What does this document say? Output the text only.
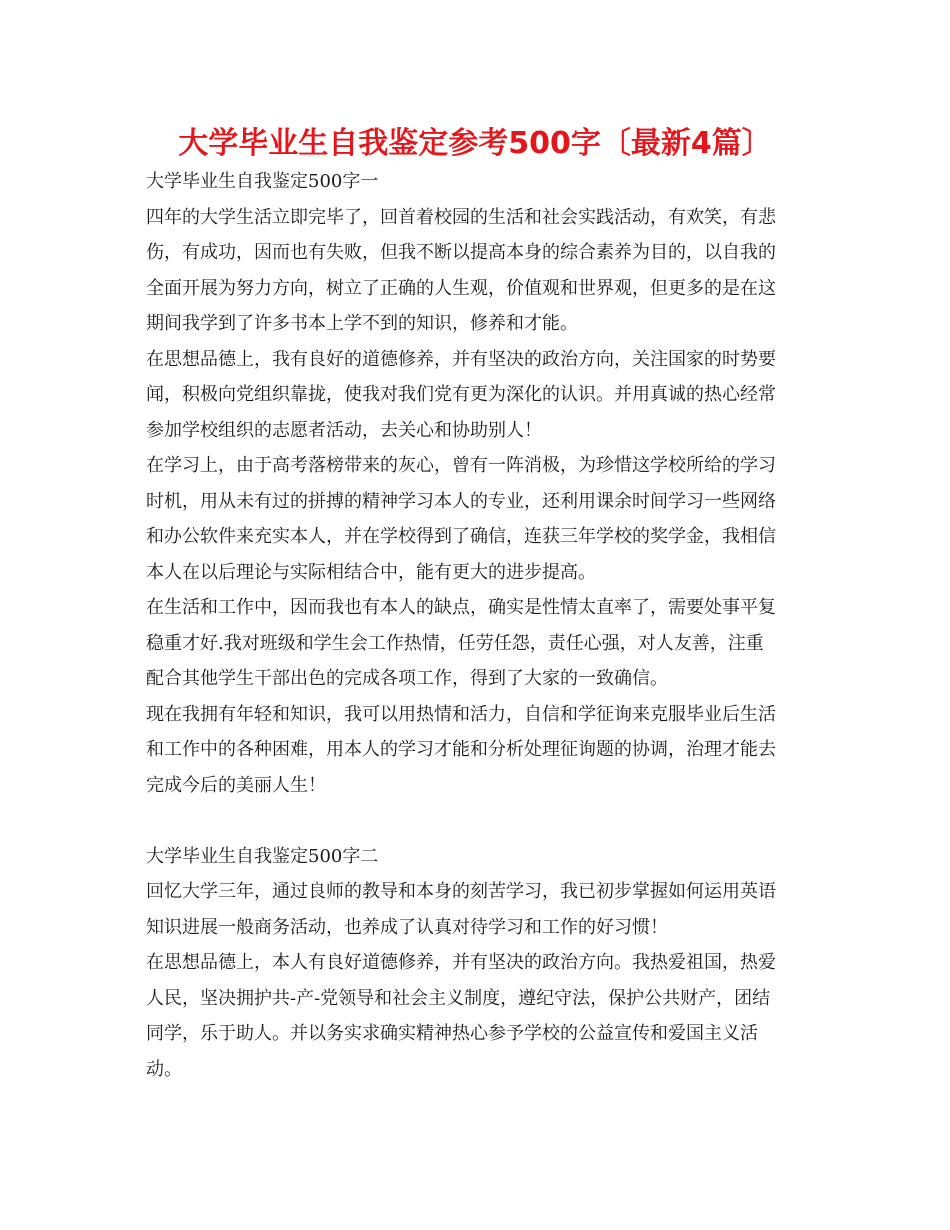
大学毕业生自我鉴定参考500字〔最新4篇〕
大学毕业生自我鉴定500字一
四年的大学生活立即完毕了，回首着校园的生活和社会实践活动，有欢笑，有悲
伤，有成功，因而也有失败，但我不断以提高本身的综合素养为目的，以自我的
全面开展为努力方向，树立了正确的人生观，价值观和世界观，但更多的是在这
期间我学到了许多书本上学不到的知识，修养和才能。
在思想品德上，我有良好的道德修养，并有坚决的政治方向，关注国家的时势要
闻，积极向党组织靠拢，使我对我们党有更为深化的认识。并用真诚的热心经常
参加学校组织的志愿者活动，去关心和协助别人！
在学习上，由于高考落榜带来的灰心，曾有一阵消极，为珍惜这学校所给的学习
时机，用从未有过的拼搏的精神学习本人的专业，还利用课余时间学习一些网络
和办公软件来充实本人，并在学校得到了确信，连获三年学校的奖学金，我相信
本人在以后理论与实际相结合中，能有更大的进步提高。
在生活和工作中，因而我也有本人的缺点，确实是性情太直率了，需要处事平复
稳重才好.我对班级和学生会工作热情，任劳任怨，责任心强，对人友善，注重
配合其他学生干部出色的完成各项工作，得到了大家的一致确信。
现在我拥有年轻和知识，我可以用热情和活力，自信和学征询来克服毕业后生活
和工作中的各种困难，用本人的学习才能和分析处理征询题的协调，治理才能去
完成今后的美丽人生！
大学毕业生自我鉴定500字二
回忆大学三年，通过良师的教导和本身的刻苦学习，我已初步掌握如何运用英语
知识进展一般商务活动，也养成了认真对待学习和工作的好习惯！
在思想品德上，本人有良好道德修养，并有坚决的政治方向。我热爱祖国，热爱
人民，坚决拥护共-产-党领导和社会主义制度，遵纪守法，保护公共财产，团结
同学，乐于助人。并以务实求确实精神热心参予学校的公益宣传和爱国主义活
动。
